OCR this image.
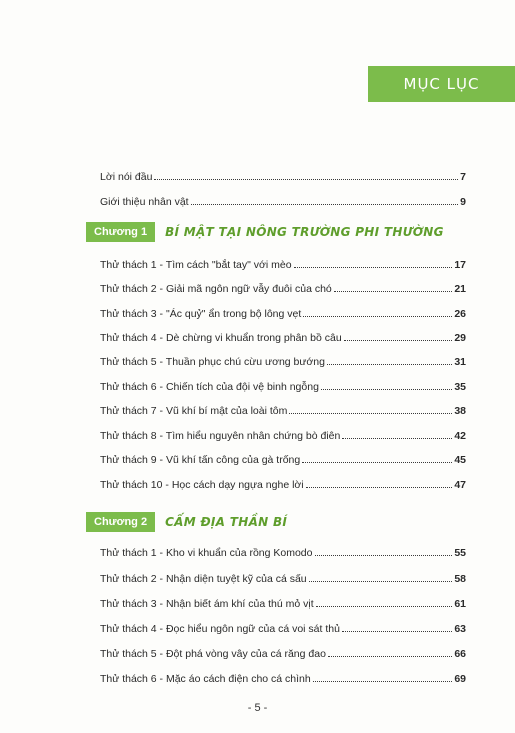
MỤC LỤC
Lời nói đầu	7
Giới thiệu nhân vật	9
Chương 1	BÍ MẬT TẠI NÔNG TRƯỜNG PHI THƯỜNG
Thử thách 1 - Tìm cách "bắt tay" với mèo	17
Thử thách 2 - Giải mã ngôn ngữ vẫy đuôi của chó	21
Thử thách 3 - "Ác quỷ" ẩn trong bộ lông vẹt	26
Thử thách 4 - Dè chừng vi khuẩn trong phân bồ câu	29
Thử thách 5 - Thuần phục chú cừu ương bướng	31
Thử thách 6 - Chiến tích của đội vệ binh ngỗng	35
Thử thách 7 - Vũ khí bí mật của loài tôm	38
Thử thách 8 - Tìm hiểu nguyên nhân chứng bò điên	42
Thử thách 9 - Vũ khí tấn công của gà trống	45
Thử thách 10 - Học cách dạy ngựa nghe lời	47
Chương 2	CẤM ĐỊA THẦN BÍ
Thử thách 1 - Kho vi khuẩn của rồng Komodo	55
Thử thách 2 - Nhận diện tuyệt kỹ của cá sấu	58
Thử thách 3 - Nhận biết ám khí của thú mỏ vịt	61
Thử thách 4 - Đọc hiểu ngôn ngữ của cá voi sát thủ	63
Thử thách 5 - Đột phá vòng vây của cá răng đao	66
Thử thách 6 - Mặc áo cách điện cho cá chình	69
- 5 -
